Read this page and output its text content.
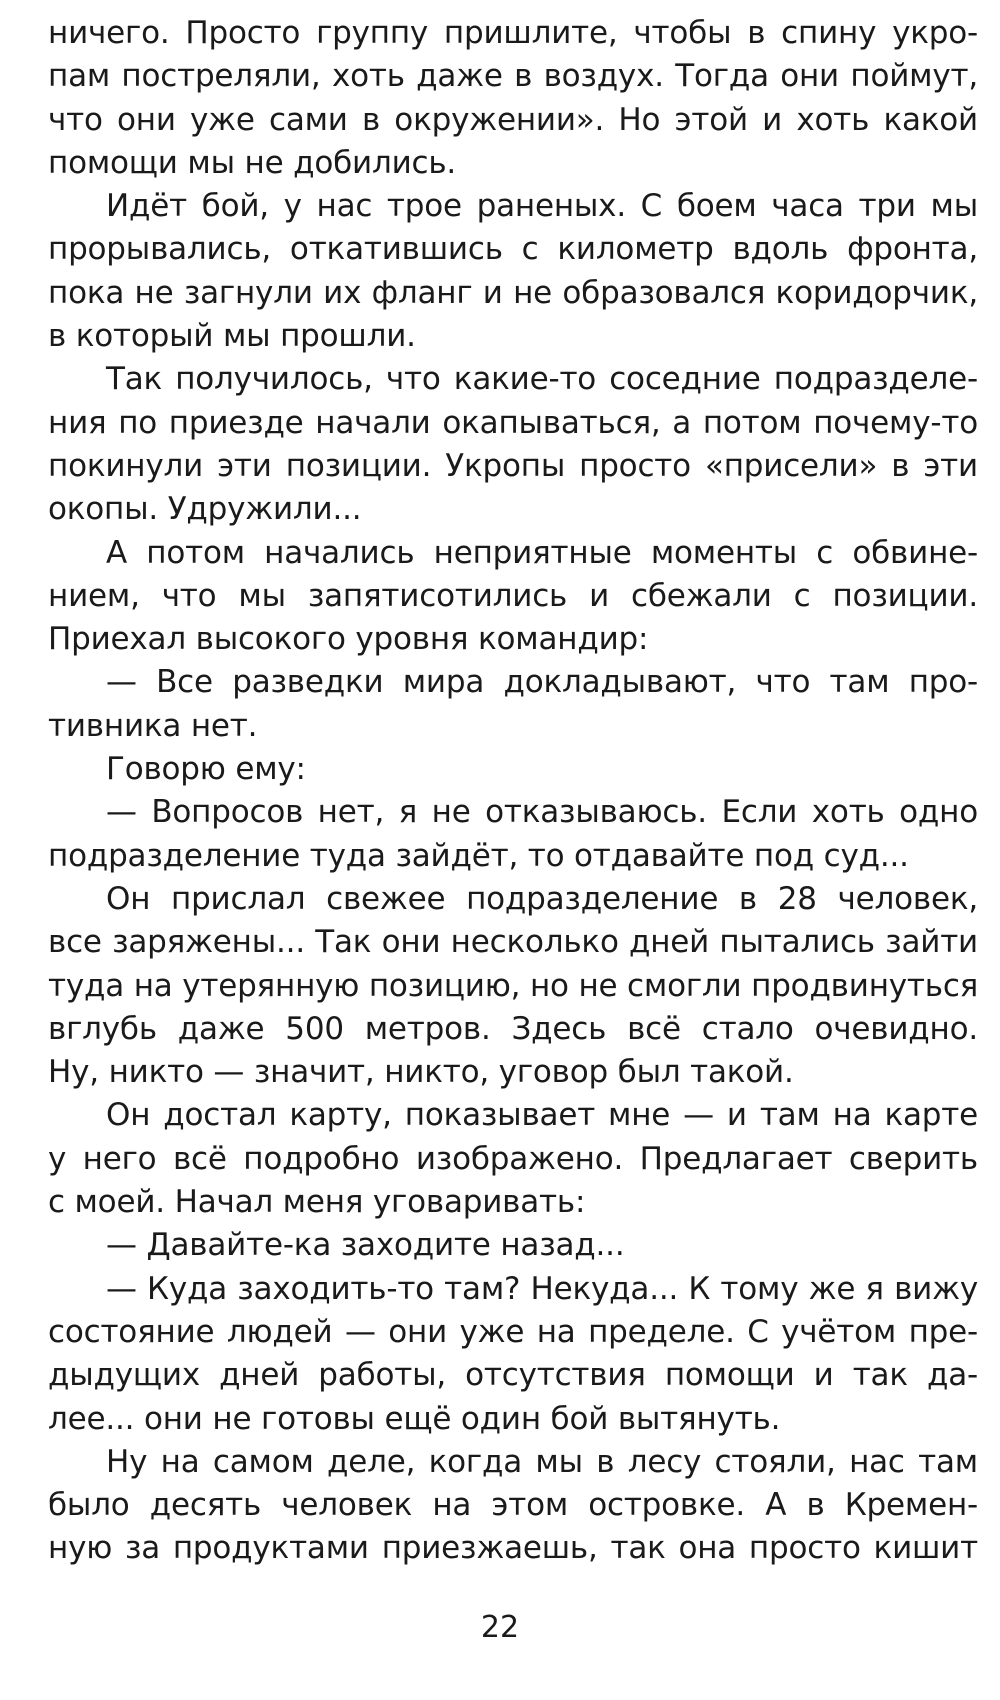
ничего. Просто группу пришлите, чтобы в спину укро-
пам постреляли, хоть даже в воздух. Тогда они поймут,
что они уже сами в окружении». Но этой и хоть какой
помощи мы не добились.
Идёт бой, у нас трое раненых. С боем часа три мы
прорывались, откатившись с километр вдоль фронта,
пока не загнули их фланг и не образовался коридорчик,
в который мы прошли.
Так получилось, что какие-то соседние подразделе-
ния по приезде начали окапываться, а потом почему-то
покинули эти позиции. Укропы просто «присели» в эти
окопы. Удружили...
А потом начались неприятные моменты с обвине-
нием, что мы запятисотились и сбежали с позиции.
Приехал высокого уровня командир:
— Все разведки мира докладывают, что там про-
тивника нет.
Говорю ему:
— Вопросов нет, я не отказываюсь. Если хоть одно
подразделение туда зайдёт, то отдавайте под суд...
Он прислал свежее подразделение в 28 человек,
все заряжены... Так они несколько дней пытались зайти
туда на утерянную позицию, но не смогли продвинуться
вглубь даже 500 метров. Здесь всё стало очевидно.
Ну, никто — значит, никто, уговор был такой.
Он достал карту, показывает мне — и там на карте
у него всё подробно изображено. Предлагает сверить
с моей. Начал меня уговаривать:
— Давайте-ка заходите назад...
— Куда заходить-то там? Некуда... К тому же я вижу
состояние людей — они уже на пределе. С учётом пре-
дыдущих дней работы, отсутствия помощи и так да-
лее... они не готовы ещё один бой вытянуть.
Ну на самом деле, когда мы в лесу стояли, нас там
было десять человек на этом островке. А в Кремен-
ную за продуктами приезжаешь, так она просто кишит
22
